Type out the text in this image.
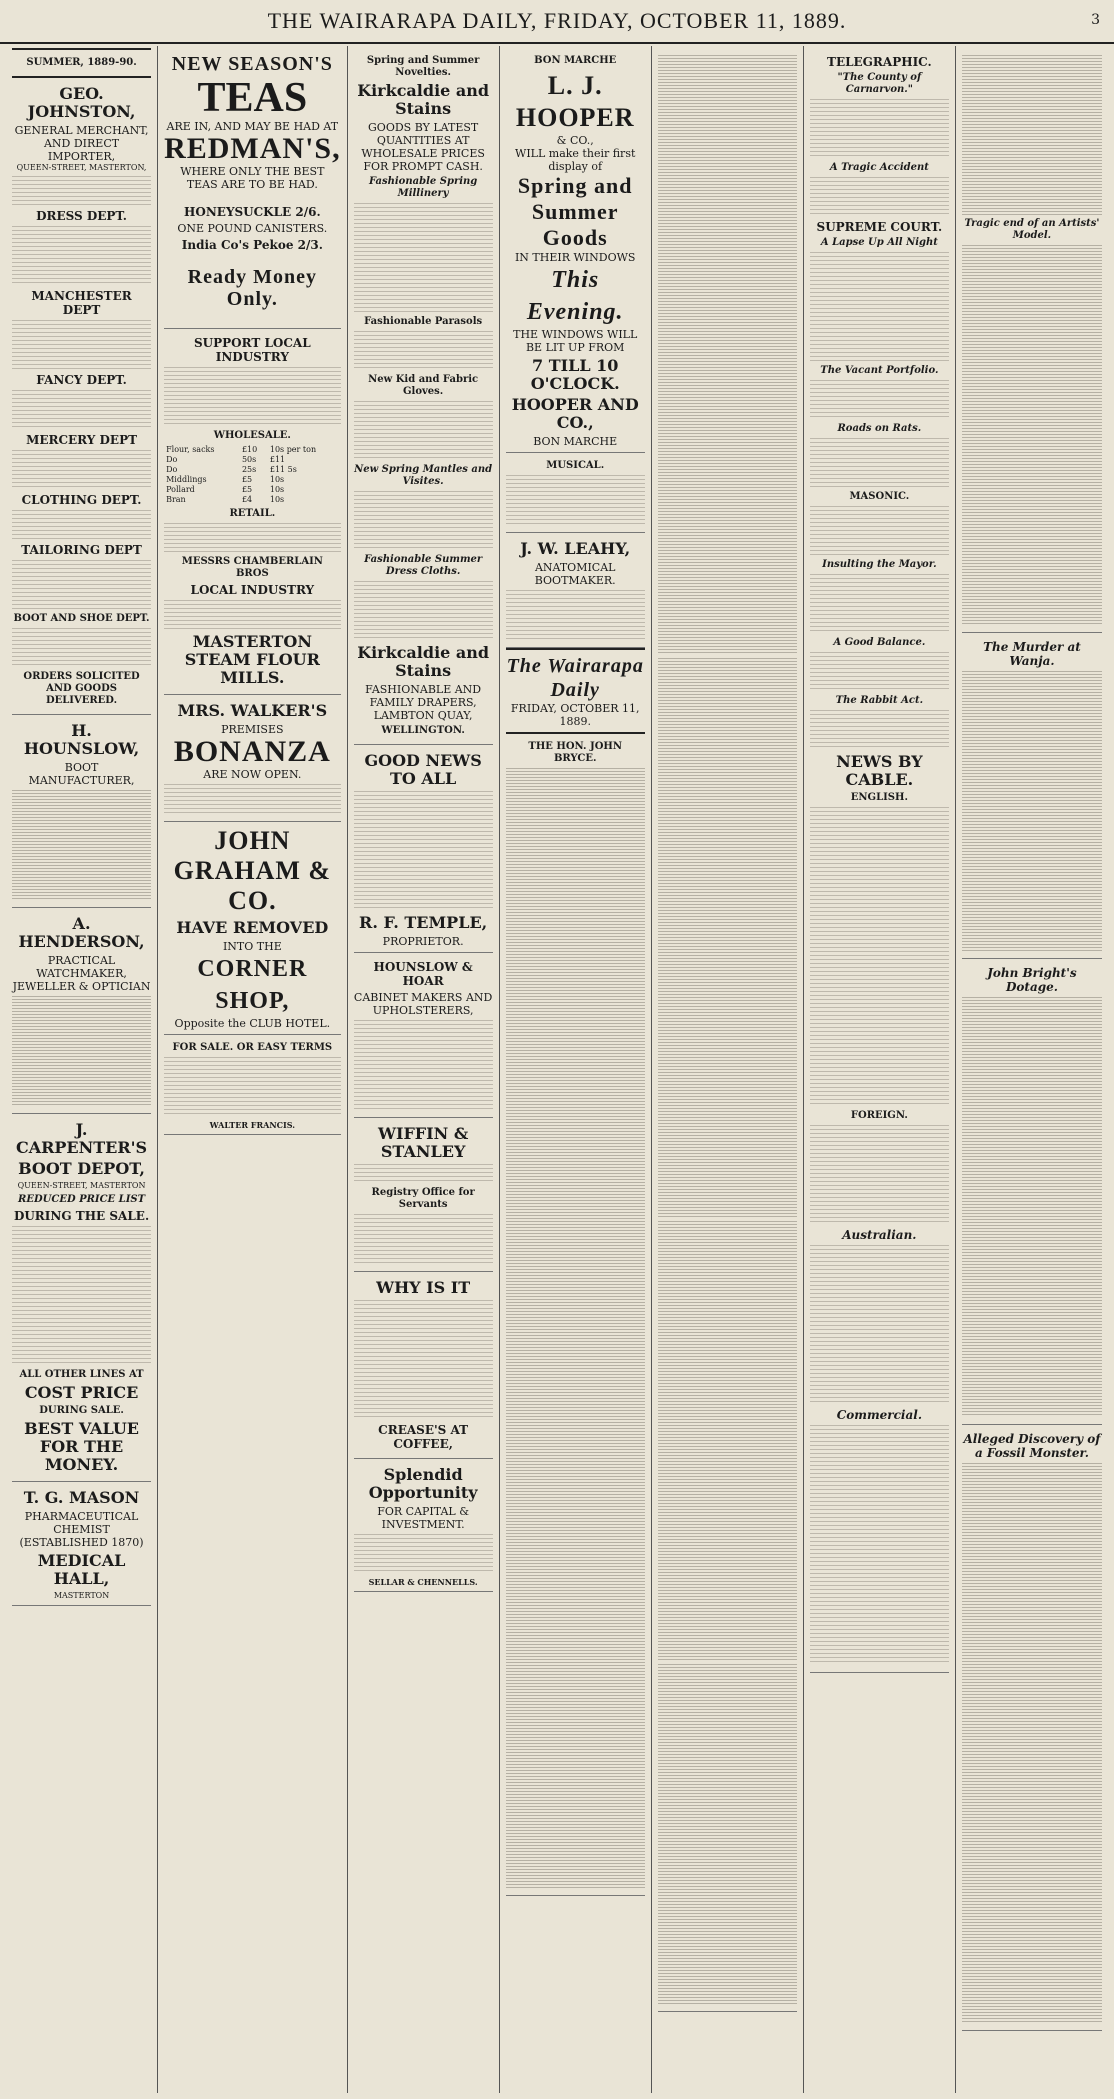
THE WAIRARAPA DAILY, FRIDAY, OCTOBER 11, 1889.	3
SUMMER, 1889-90.
GEO. JOHNSTON,
GENERAL MERCHANT, AND DIRECT IMPORTER,
QUEEN-STREET, MASTERTON,
DRESS DEPT.
MANCHESTER DEPT
FANCY DEPT.
MERCERY DEPT
CLOTHING DEPT.
TAILORING DEPT
BOOT AND SHOE DEPT.
ORDERS SOLICITED AND GOODS DELIVERED.
H. HOUNSLOW,
BOOT MANUFACTURER,
A. HENDERSON,
PRACTICAL WATCHMAKER, JEWELLER & OPTICIAN
J. CARPENTER'S
BOOT DEPOT,
QUEEN-STREET, MASTERTON
REDUCED PRICE LIST
DURING THE SALE.
ALL OTHER LINES AT
COST PRICE
DURING SALE.
BEST VALUE FOR THE MONEY.
T. G. MASON
PHARMACEUTICAL CHEMIST (ESTABLISHED 1870)
MEDICAL HALL,
MASTERTON
NEW SEASON'S
TEAS
ARE IN, AND MAY BE HAD AT
REDMAN'S,
WHERE ONLY THE BEST TEAS ARE TO BE HAD.
HONEYSUCKLE 2/6.
ONE POUND CANISTERS.
India Co's Pekoe 2/3.
Ready Money Only.
SUPPORT LOCAL INDUSTRY
WHOLESALE.
Flour, sacks	£10	10s per ton
Do	50s	£11
Do	25s	£11 5s
Middlings	£5	10s
Pollard	£5	10s
Bran	£4	10s
RETAIL.
MESSRS CHAMBERLAIN BROS
LOCAL INDUSTRY
MASTERTON STEAM FLOUR MILLS.
MRS. WALKER'S
PREMISES
BONANZA
ARE NOW OPEN.
JOHN GRAHAM & CO.
HAVE REMOVED
INTO THE
CORNER SHOP,
Opposite the CLUB HOTEL.
FOR SALE. OR EASY TERMS
WALTER FRANCIS.
Spring and Summer Novelties.
Kirkcaldie and Stains
GOODS BY LATEST QUANTITIES AT WHOLESALE PRICES FOR PROMPT CASH.
Fashionable Spring Millinery
Fashionable Parasols
New Kid and Fabric Gloves.
New Spring Mantles and Visites.
Fashionable Summer Dress Cloths.
Kirkcaldie and Stains
FASHIONABLE AND FAMILY DRAPERS,
LAMBTON QUAY,
WELLINGTON.
GOOD NEWS TO ALL
R. F. TEMPLE,
PROPRIETOR.
HOUNSLOW & HOAR
CABINET MAKERS AND UPHOLSTERERS,
WIFFIN & STANLEY
Registry Office for Servants
WHY IS IT
CREASE'S AT COFFEE,
Splendid Opportunity
FOR CAPITAL & INVESTMENT.
SELLAR & CHENNELLS.
BON MARCHE
L. J. HOOPER
& CO.,
WILL make their first display of
Spring and Summer
Goods
IN THEIR WINDOWS
This Evening.
THE WINDOWS WILL BE LIT UP FROM
7 TILL 10 O'CLOCK.
HOOPER AND CO.,
BON MARCHE
MUSICAL.
J. W. LEAHY,
ANATOMICAL BOOTMAKER.
The Wairarapa Daily
FRIDAY, OCTOBER 11, 1889.
THE HON. JOHN BRYCE.
TELEGRAPHIC.
"The County of Carnarvon."
A Tragic Accident
SUPREME COURT.
A Lapse Up All Night
The Vacant Portfolio.
Roads on Rats.
MASONIC.
Insulting the Mayor.
A Good Balance.
The Rabbit Act.
NEWS BY CABLE.
ENGLISH.
FOREIGN.
Australian.
Commercial.
Tragic end of an Artists' Model.
The Murder at Wanja.
John Bright's Dotage.
Alleged Discovery of a Fossil Monster.
